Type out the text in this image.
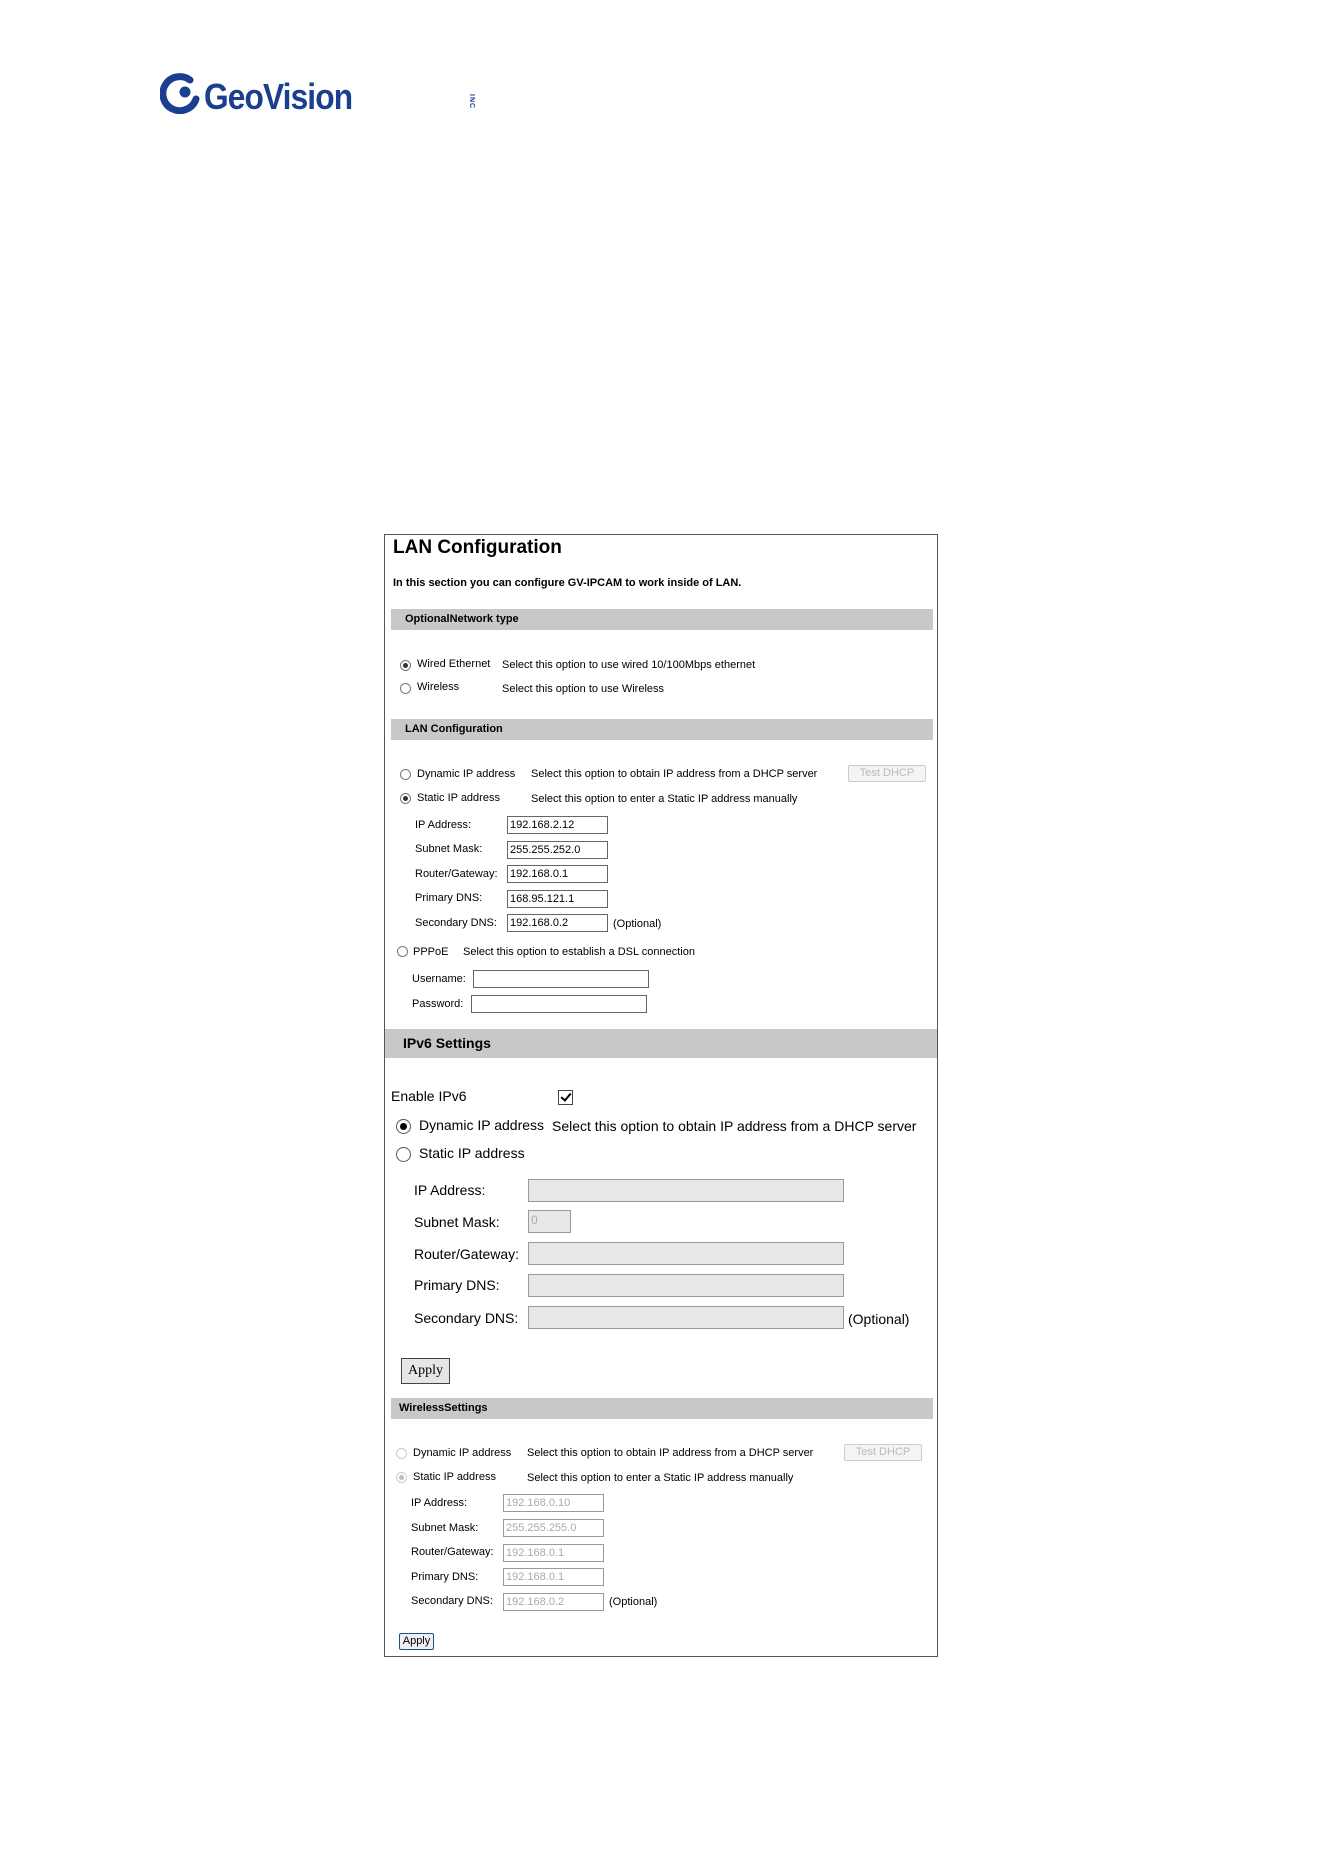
GeoVision	INC
LAN Configuration
In this section you can configure GV-IPCAM to work inside of LAN.
OptionalNetwork type
Wired Ethernet Select this option to use wired 10/100Mbps ethernet
Wireless	Select this option to use Wireless
LAN Configuration
Dynamic IP address Select this option to obtain IP address from a DHCP server	Test DHCP
Static IP address	Select this option to enter a Static IP address manually
IP Address:	192.168.2.12
Subnet Mask:	255.255.252.0
Router/Gateway: 192.168.0.1
Primary DNS:	168.95.121.1
Secondary DNS: 192.168.0.2	(Optional)
PPPoE Select this option to establish a DSL connection
Username:
Password:
IPv6 Settings
Enable IPv6
Dynamic IP address Select this option to obtain IP address from a DHCP server
Static IP address
IP Address:
Subnet Mask:	0
Router/Gateway:
Primary DNS:
Secondary DNS:	(Optional)
Apply
WirelessSettings
Dynamic IP address Select this option to obtain IP address from a DHCP server	Test DHCP
Static IP address	Select this option to enter a Static IP address manually
IP Address:	192.168.0.10
Subnet Mask:	255.255.255.0
Router/Gateway: 192.168.0.1
Primary DNS:	192.168.0.1
Secondary DNS: 192.168.0.2	(Optional)
Apply
